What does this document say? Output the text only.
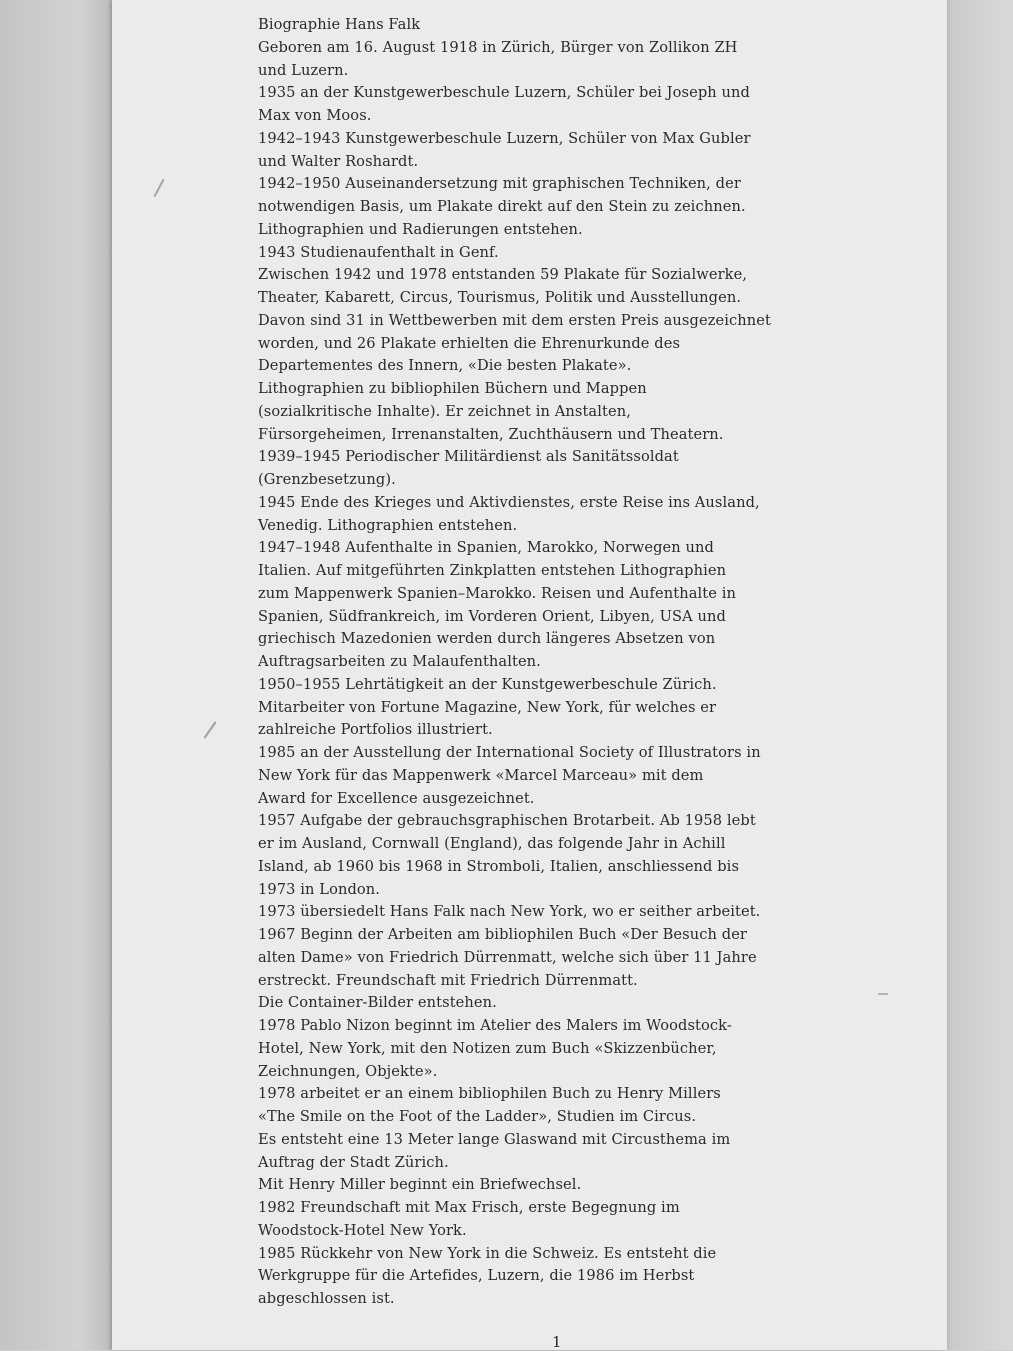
Biographie Hans Falk
Geboren am 16. August 1918 in Zürich, Bürger von Zollikon ZH
und Luzern.
1935 an der Kunstgewerbeschule Luzern, Schüler bei Joseph und
Max von Moos.
1942–1943 Kunstgewerbeschule Luzern, Schüler von Max Gubler
und Walter Roshardt.
1942–1950 Auseinandersetzung mit graphischen Techniken, der
notwendigen Basis, um Plakate direkt auf den Stein zu zeichnen.
Lithographien und Radierungen entstehen.
1943 Studienaufenthalt in Genf.
Zwischen 1942 und 1978 entstanden 59 Plakate für Sozialwerke,
Theater, Kabarett, Circus, Tourismus, Politik und Ausstellungen.
Davon sind 31 in Wettbewerben mit dem ersten Preis ausgezeichnet
worden, und 26 Plakate erhielten die Ehrenurkunde des
Departementes des Innern, «Die besten Plakate».
Lithographien zu bibliophilen Büchern und Mappen
(sozialkritische Inhalte). Er zeichnet in Anstalten,
Fürsorgeheimen, Irrenanstalten, Zuchthäusern und Theatern.
1939–1945 Periodischer Militärdienst als Sanitätssoldat
(Grenzbesetzung).
1945 Ende des Krieges und Aktivdienstes, erste Reise ins Ausland,
Venedig. Lithographien entstehen.
1947–1948 Aufenthalte in Spanien, Marokko, Norwegen und
Italien. Auf mitgeführten Zinkplatten entstehen Lithographien
zum Mappenwerk Spanien–Marokko. Reisen und Aufenthalte in
Spanien, Südfrankreich, im Vorderen Orient, Libyen, USA und
griechisch Mazedonien werden durch längeres Absetzen von
Auftragsarbeiten zu Malaufenthalten.
1950–1955 Lehrtätigkeit an der Kunstgewerbeschule Zürich.
Mitarbeiter von Fortune Magazine, New York, für welches er
zahlreiche Portfolios illustriert.
1985 an der Ausstellung der International Society of Illustrators in
New York für das Mappenwerk «Marcel Marceau» mit dem
Award for Excellence ausgezeichnet.
1957 Aufgabe der gebrauchsgraphischen Brotarbeit. Ab 1958 lebt
er im Ausland, Cornwall (England), das folgende Jahr in Achill
Island, ab 1960 bis 1968 in Stromboli, Italien, anschliessend bis
1973 in London.
1973 übersiedelt Hans Falk nach New York, wo er seither arbeitet.
1967 Beginn der Arbeiten am bibliophilen Buch «Der Besuch der
alten Dame» von Friedrich Dürrenmatt, welche sich über 11 Jahre
erstreckt. Freundschaft mit Friedrich Dürrenmatt.
Die Container-Bilder entstehen.
1978 Pablo Nizon beginnt im Atelier des Malers im Woodstock-
Hotel, New York, mit den Notizen zum Buch «Skizzenbücher,
Zeichnungen, Objekte».
1978 arbeitet er an einem bibliophilen Buch zu Henry Millers
«The Smile on the Foot of the Ladder», Studien im Circus.
Es entsteht eine 13 Meter lange Glaswand mit Circusthema im
Auftrag der Stadt Zürich.
Mit Henry Miller beginnt ein Briefwechsel.
1982 Freundschaft mit Max Frisch, erste Begegnung im
Woodstock-Hotel New York.
1985 Rückkehr von New York in die Schweiz. Es entsteht die
Werkgruppe für die Artefides, Luzern, die 1986 im Herbst
abgeschlossen ist.
1
